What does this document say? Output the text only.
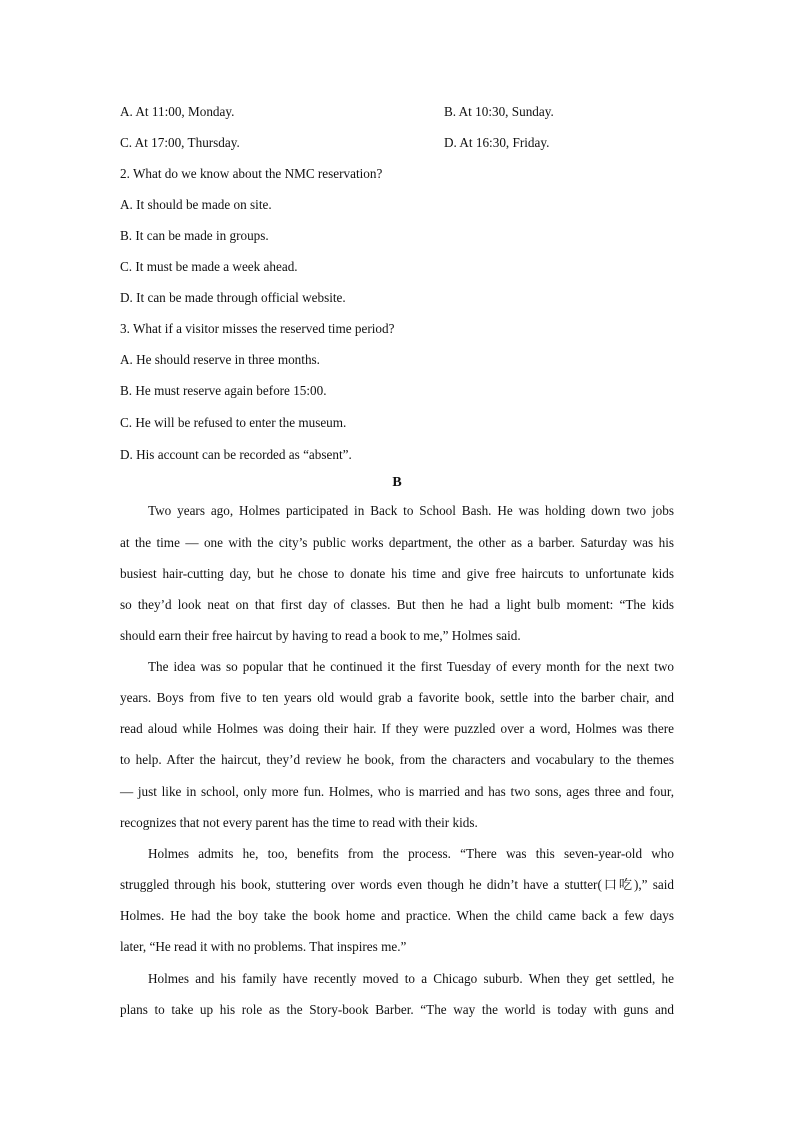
A. At 11:00, Monday.	B. At 10:30, Sunday.
C. At 17:00, Thursday.	D. At 16:30, Friday.
2. What do we know about the NMC reservation?
A. It should be made on site.
B. It can be made in groups.
C. It must be made a week ahead.
D. It can be made through official website.
3. What if a visitor misses the reserved time period?
A. He should reserve in three months.
B. He must reserve again before 15:00.
C. He will be refused to enter the museum.
D. His account can be recorded as “absent”.
B
Two years ago, Holmes participated in Back to School Bash. He was holding down two jobs
at the time — one with the city’s public works department, the other as a barber. Saturday was his
busiest hair-cutting day, but he chose to donate his time and give free haircuts to unfortunate kids
so they’d look neat on that first day of classes. But then he had a light bulb moment: “The kids
should earn their free haircut by having to read a book to me,” Holmes said.
The idea was so popular that he continued it the first Tuesday of every month for the next two
years. Boys from five to ten years old would grab a favorite book, settle into the barber chair, and
read aloud while Holmes was doing their hair. If they were puzzled over a word, Holmes was there
to help. After the haircut, they’d review he book, from the characters and vocabulary to the themes
— just like in school, only more fun. Holmes, who is married and has two sons, ages three and four,
recognizes that not every parent has the time to read with their kids.
Holmes admits he, too, benefits from the process. “There was this seven-year-old who
struggled through his book, stuttering over words even though he didn’t have a stutter(口吃),” said
Holmes. He had the boy take the book home and practice. When the child came back a few days
later, “He read it with no problems. That inspires me.”
Holmes and his family have recently moved to a Chicago suburb. When they get settled, he
plans to take up his role as the Story-book Barber. “The way the world is today with guns and
